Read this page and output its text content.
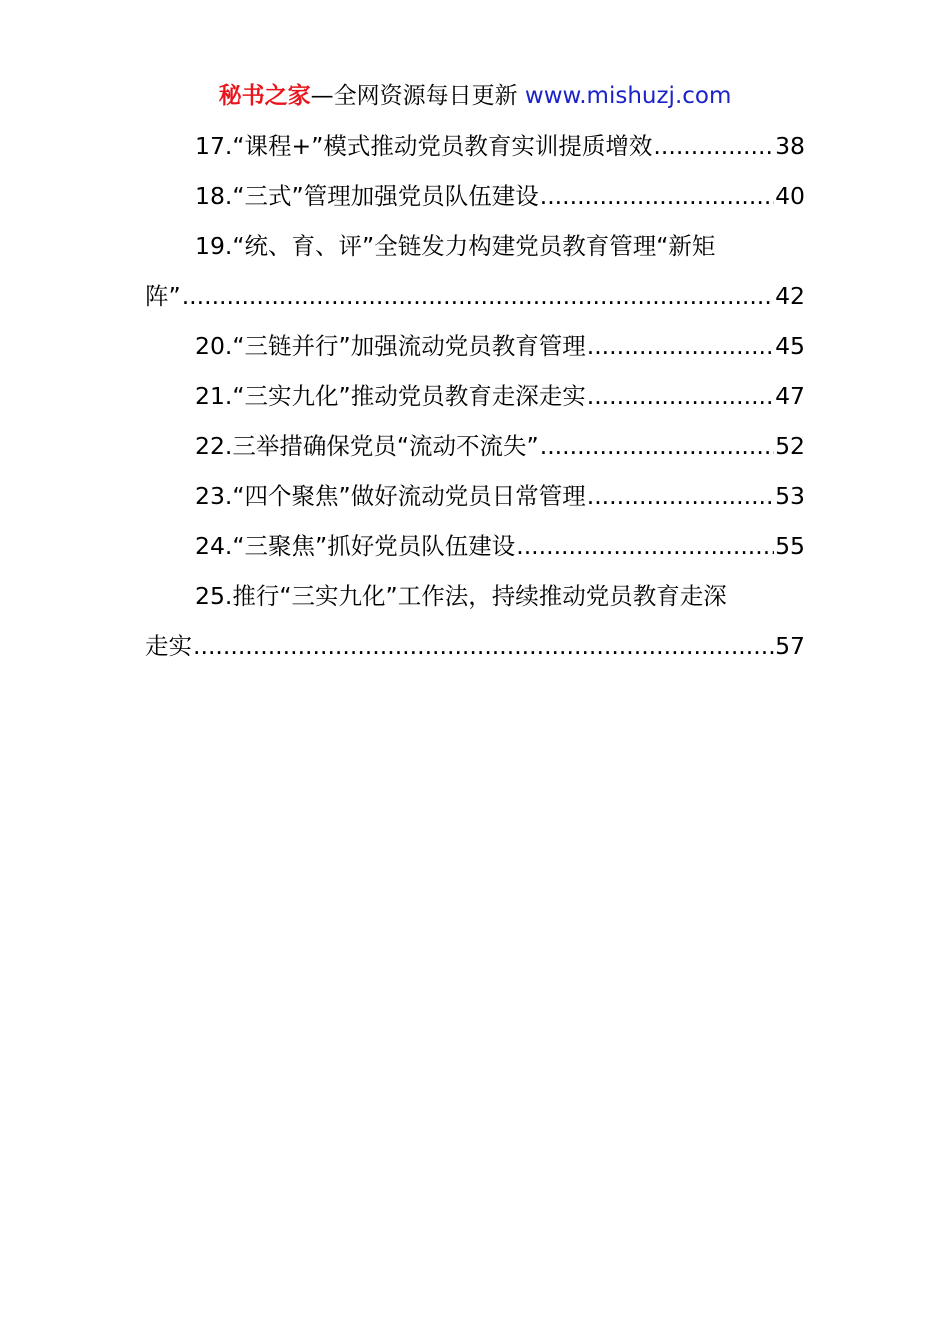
秘书之家—全网资源每日更新 www.mishuzj.com
17.“课程+”模式推动党员教育实训提质增效 .....	38
18.“三式”管理加强党员队伍建设 .....	40
19.“统、育、评”全链发力构建党员教育管理“新矩
阵” .....	42
20.“三链并行”加强流动党员教育管理 .....	45
21.“三实九化”推动党员教育走深走实 .....	47
22.三举措确保党员“流动不流失” .....	52
23.“四个聚焦”做好流动党员日常管理 .....	53
24.“三聚焦”抓好党员队伍建设 .....	55
25.推行“三实九化”工作法，持续推动党员教育走深
走实 .....	57
